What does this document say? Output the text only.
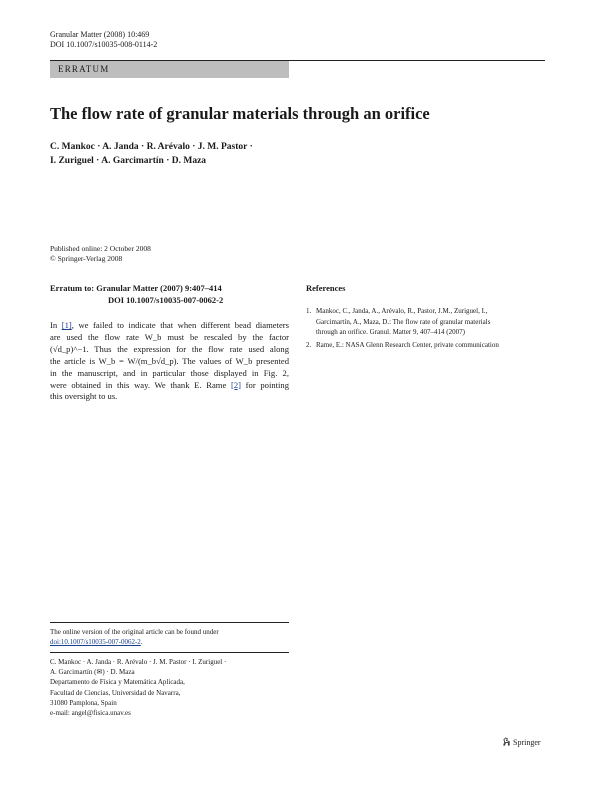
Granular Matter (2008) 10:469
DOI 10.1007/s10035-008-0114-2
ERRATUM
The flow rate of granular materials through an orifice
C. Mankoc · A. Janda · R. Arévalo · J. M. Pastor ·
I. Zuriguel · A. Garcimartín · D. Maza
Published online: 2 October 2008
© Springer-Verlag 2008
Erratum to: Granular Matter (2007) 9:407–414
DOI 10.1007/s10035-007-0062-2
In [1], we failed to indicate that when different bead diameters
are used the flow rate W_b must be rescaled by the factor
(√d_p)^−1. Thus the expression for the flow rate used along
the article is W_b = W/(m_b√d_p). The values of W_b presented
in the manuscript, and in particular those displayed in Fig. 2,
were obtained in this way. We thank E. Rame [2] for pointing
this oversight to us.
References
1. Mankoc, C., Janda, A., Arévalo, R., Pastor, J.M., Zuriguel, I.,
Garcimartín, A., Maza, D.: The flow rate of granular materials
through an orifice. Granul. Matter 9, 407–414 (2007)
2. Rame, E.: NASA Glenn Research Center, private communication
The online version of the original article can be found under
doi:10.1007/s10035-007-0062-2.
C. Mankoc · A. Janda · R. Arévalo · J. M. Pastor · I. Zuriguel ·
A. Garcimartín (✉) · D. Maza
Departamento de Física y Matemática Aplicada,
Facultad de Ciencias, Universidad de Navarra,
31080 Pamplona, Spain
e-mail: angel@fisica.unav.es
Springer
